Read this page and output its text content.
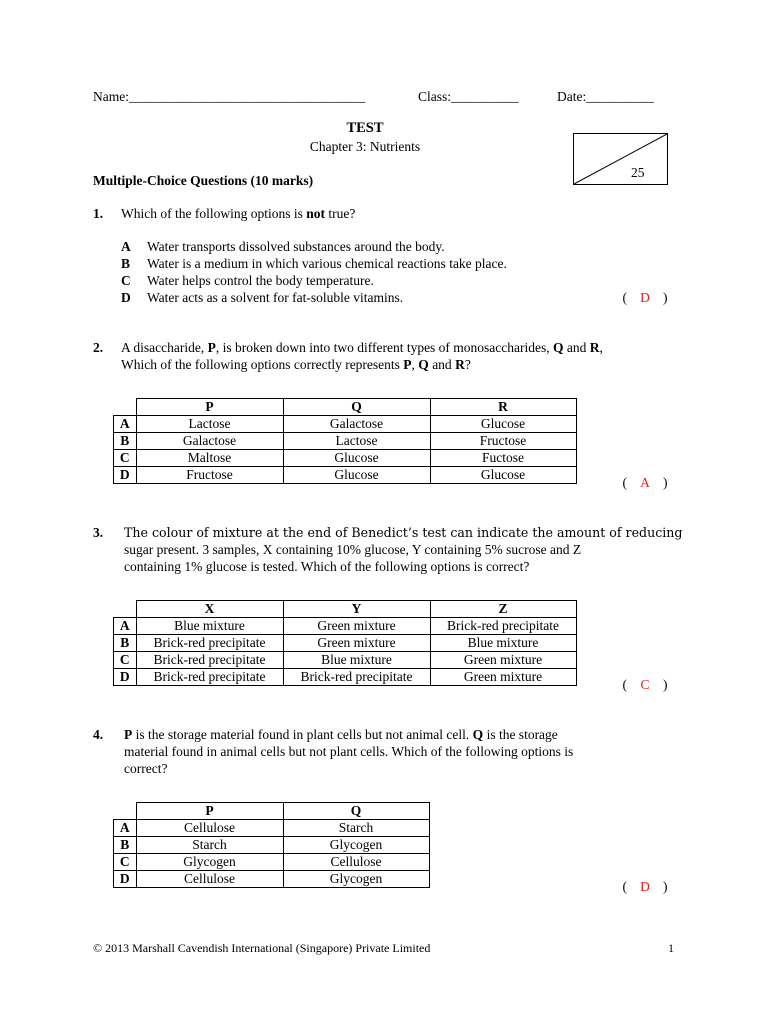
Name:___________________________________	Class:__________	Date:__________
TEST
Chapter 3: Nutrients
25
Multiple-Choice Questions (10 marks)
1. Which of the following options is not true?
A Water transports dissolved substances around the body.
B Water is a medium in which various chemical reactions take place.
C Water helps control the body temperature.
D Water acts as a solvent for fat-soluble vitamins.	( D )
2. A disaccharide, P, is broken down into two different types of monosaccharides, Q and R,
Which of the following options correctly represents P, Q and R?
	P	Q	R
A	Lactose	Galactose	Glucose
B	Galactose	Lactose	Fructose
C	Maltose	Glucose	Fuctose
D	Fructose	Glucose	Glucose
( A )
3. The colour of mixture at the end of Benedict’s test can indicate the amount of reducing
sugar present. 3 samples, X containing 10% glucose, Y containing 5% sucrose and Z
containing 1% glucose is tested. Which of the following options is correct?
	X	Y	Z
A	Blue mixture	Green mixture	Brick-red precipitate
B	Brick-red precipitate	Green mixture	Blue mixture
C	Brick-red precipitate	Blue mixture	Green mixture
D	Brick-red precipitate	Brick-red precipitate	Green mixture
( C )
4. P is the storage material found in plant cells but not animal cell. Q is the storage
material found in animal cells but not plant cells. Which of the following options is
correct?
	P	Q
A	Cellulose	Starch
B	Starch	Glycogen
C	Glycogen	Cellulose
D	Cellulose	Glycogen
( D )
© 2013 Marshall Cavendish International (Singapore) Private Limited	1
